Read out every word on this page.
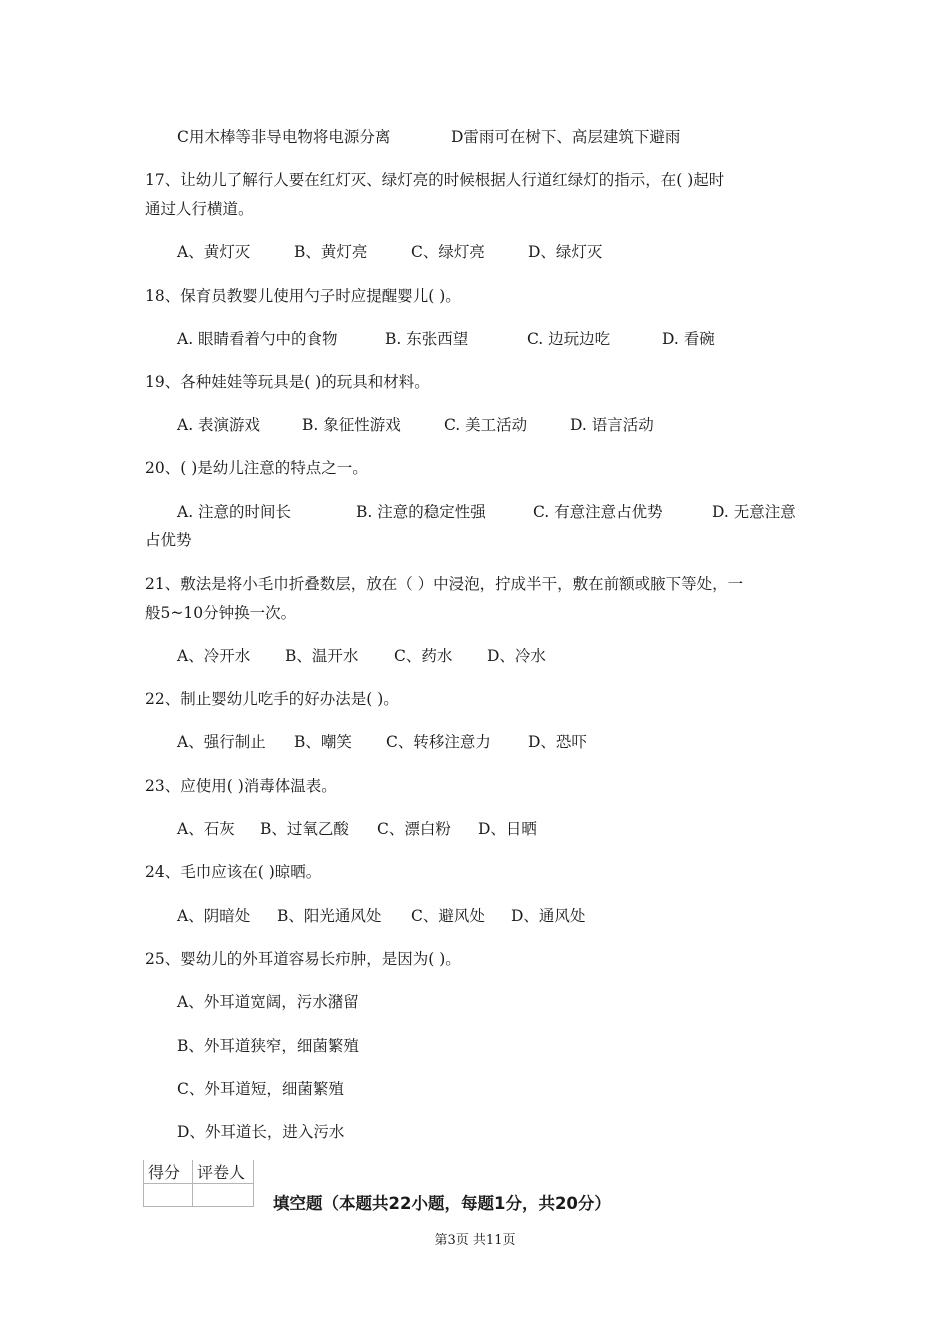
C用木棒等非导电物将电源分离	D雷雨可在树下、高层建筑下避雨
17、让幼儿了解行人要在红灯灭、绿灯亮的时候根据人行道红绿灯的指示，在( )起时
通过人行横道。
A、黄灯灭	B、黄灯亮	C、绿灯亮	D、绿灯灭
18、保育员教婴儿使用勺子时应提醒婴儿( )。
A. 眼睛看着勺中的食物	B. 东张西望	C. 边玩边吃	D. 看碗
19、各种娃娃等玩具是( )的玩具和材料。
A. 表演游戏	B. 象征性游戏	C. 美工活动	D. 语言活动
20、( )是幼儿注意的特点之一。
A. 注意的时间长	B. 注意的稳定性强	C. 有意注意占优势	D. 无意注意
占优势
21、敷法是将小毛巾折叠数层，放在（ ）中浸泡，拧成半干，敷在前额或腋下等处，一
般5~10分钟换一次。
A、冷开水 B、温开水 C、药水 D、冷水
22、制止婴幼儿吃手的好办法是( )。
A、强行制止 B、嘲笑 C、转移注意力 D、恐吓
23、应使用( )消毒体温表。
A、石灰 B、过氧乙酸 C、漂白粉 D、日晒
24、毛巾应该在( )晾晒。
A、阴暗处 B、阳光通风处 C、避风处 D、通风处
25、婴幼儿的外耳道容易长疖肿，是因为( )。
A、外耳道宽阔，污水潴留
B、外耳道狭窄，细菌繁殖
C、外耳道短，细菌繁殖
D、外耳道长，进入污水
得分	评卷人

填空题（本题共22小题，每题1分，共20分）
第3页 共11页
